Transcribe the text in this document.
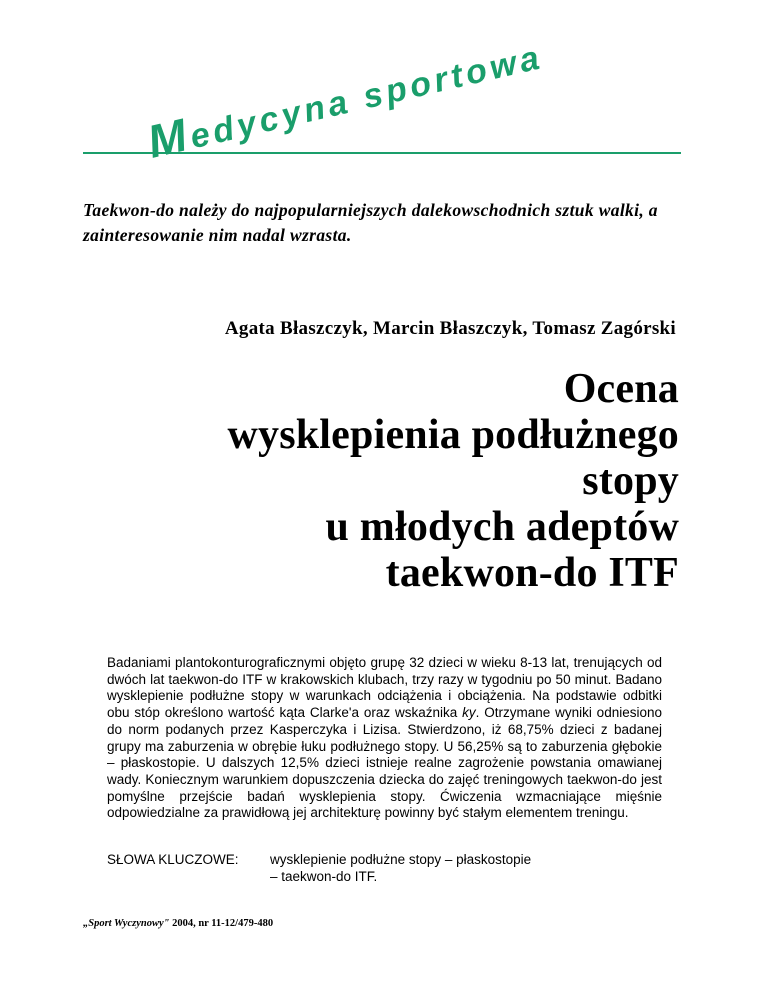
Medycyna sportowa
Taekwon-do należy do najpopularniejszych dalekowschodnich sztuk walki, a zainteresowanie nim nadal wzrasta.
Agata Błaszczyk, Marcin Błaszczyk, Tomasz Zagórski
Ocena
wysklepienia podłużnego
stopy
u młodych adeptów
taekwon-do ITF

Badaniami plantokonturograficznymi objęto grupę 32 dzieci w wieku 8-13 lat, trenujących od dwóch lat taekwon-do ITF w krakowskich klubach, trzy razy w tygodniu po 50 minut. Badano wysklepienie podłużne stopy w warunkach odciążenia i obciążenia. Na podstawie odbitki obu stóp określono wartość kąta Clarke'a oraz wskaźnika ky. Otrzymane wyniki odniesiono do norm podanych przez Kasperczyka i Lizisa. Stwierdzono, iż 68,75% dzieci z badanej grupy ma zaburzenia w obrębie łuku podłużnego stopy. U 56,25% są to zaburzenia głębokie – płaskostopie. U dalszych 12,5% dzieci istnieje realne zagrożenie powstania omawianej wady. Koniecznym warunkiem dopuszczenia dziecka do zajęć treningowych taekwon-do jest pomyślne przejście badań wysklepienia stopy. Ćwiczenia wzmacniające mięśnie odpowiedzialne za prawidłową jej architekturę powinny być stałym elementem treningu.

SŁOWA KLUCZOWE:	wysklepienie podłużne stopy – płaskostopie
– taekwon-do ITF.
„Sport Wyczynowy" 2004, nr 11-12/479-480
